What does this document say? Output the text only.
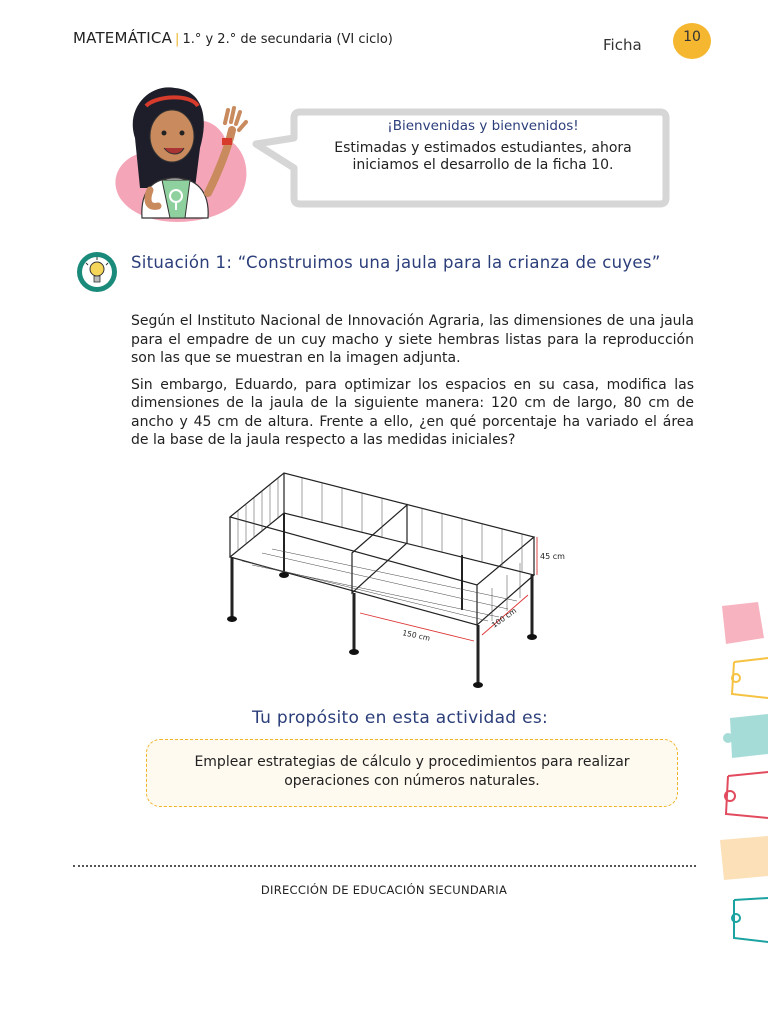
MATEMÁTICA | 1.° y 2.° de secundaria (VI ciclo)	Ficha	10
¡Bienvenidas y bienvenidos!
Estimadas y estimados estudiantes, ahora iniciamos el desarrollo de la ficha 10.
Situación 1: “Construimos una jaula para la crianza de cuyes”

Según el Instituto Nacional de Innovación Agraria, las dimensiones de una jaula para el empadre de un cuy macho y siete hembras listas para la reproducción son las que se muestran en la imagen adjunta.

Sin embargo, Eduardo, para optimizar los espacios en su casa, modifica las dimensiones de la jaula de la siguiente manera: 120 cm de largo, 80 cm de ancho y 45 cm de altura. Frente a ello, ¿en qué porcentaje ha variado el área de la base de la jaula respecto a las medidas iniciales?

45 cm
150 cm
100 cm
Tu propósito en esta actividad es:
Emplear estrategias de cálculo y procedimientos para realizar operaciones con números naturales.
DIRECCIÓN DE EDUCACIÓN SECUNDARIA
